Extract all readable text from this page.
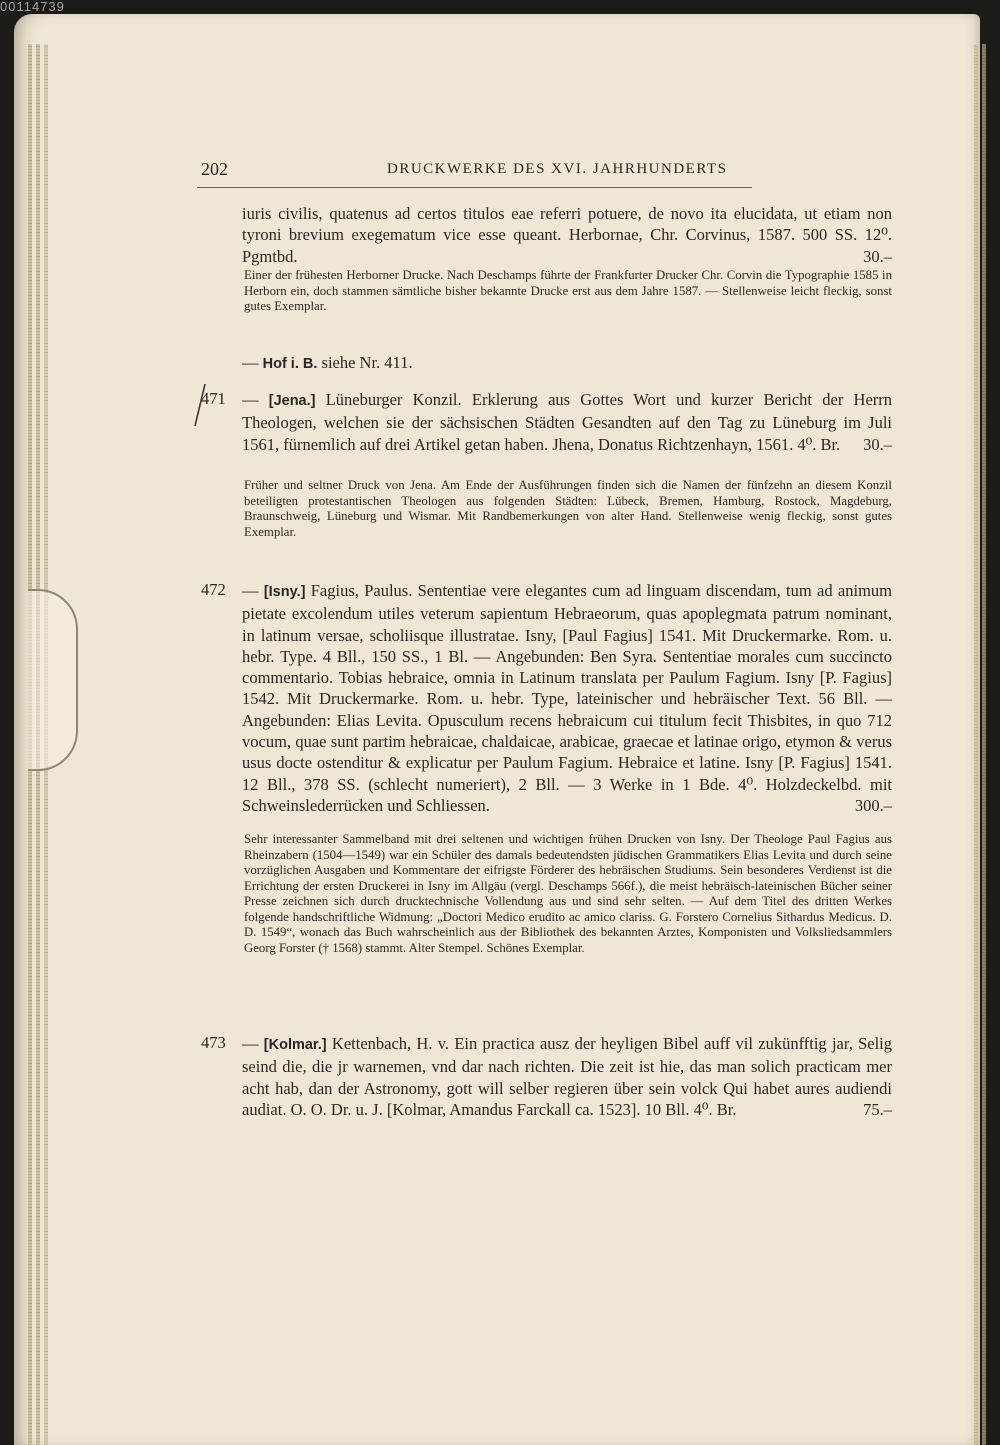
00114739
202	DRUCKWERKE DES XVI. JAHRHUNDERTS
iuris civilis, quatenus ad certos titulos eae referri potuere, de novo ita elucidata, ut etiam non tyroni brevium exegematum vice esse queant. Herbornae, Chr. Corvinus, 1587. 500 SS. 12⁰. Pgmtbd.	30.–
Einer der frühesten Herborner Drucke. Nach Deschamps führte der Frankfurter Drucker Chr. Corvin die Typographie 1585 in Herborn ein, doch stammen sämtliche bisher bekannte Drucke erst aus dem Jahre 1587. — Stellenweise leicht fleckig, sonst gutes Exemplar.
— Hof i. B. siehe Nr. 411.
471 — [Jena.] Lüneburger Konzil. Erklerung aus Gottes Wort und kurzer Bericht der Herrn Theologen, welchen sie der sächsischen Städten Gesandten auf den Tag zu Lüneburg im Juli 1561, fürnemlich auf drei Artikel getan haben. Jhena, Donatus Richtzenhayn, 1561. 4⁰. Br. 30.–
Früher und seltner Druck von Jena. Am Ende der Ausführungen finden sich die Namen der fünfzehn an diesem Konzil beteiligten protestantischen Theologen aus folgenden Städten: Lübeck, Bremen, Hamburg, Rostock, Magdeburg, Braunschweig, Lüneburg und Wismar. Mit Randbemerkungen von alter Hand. Stellenweise wenig fleckig, sonst gutes Exemplar.
472 — [Isny.] Fagius, Paulus. Sententiae vere elegantes cum ad linguam discendam, tum ad animum pietate excolendum utiles veterum sapientum Hebraeorum, quas apoplegmata patrum nominant, in latinum versae, scholiisque illustratae. Isny, [Paul Fagius] 1541. Mit Druckermarke. Rom. u. hebr. Type. 4 Bll., 150 SS., 1 Bl. — Angebunden: Ben Syra. Sententiae morales cum succincto commentario. Tobias hebraice, omnia in Latinum translata per Paulum Fagium. Isny [P. Fagius] 1542. Mit Druckermarke. Rom. u. hebr. Type, lateinischer und hebräischer Text. 56 Bll. — Angebunden: Elias Levita. Opusculum recens hebraicum cui titulum fecit Thisbites, in quo 712 vocum, quae sunt partim hebraicae, chaldaicae, arabicae, graecae et latinae origo, etymon & verus usus docte ostenditur & explicatur per Paulum Fagium. Hebraice et latine. Isny [P. Fagius] 1541. 12 Bll., 378 SS. (schlecht numeriert), 2 Bll. — 3 Werke in 1 Bde. 4⁰. Holzdeckelbd. mit Schweinslederrücken und Schliessen.	300.–
Sehr interessanter Sammelband mit drei seltenen und wichtigen frühen Drucken von Isny. Der Theologe Paul Fagius aus Rheinzabern (1504—1549) war ein Schüler des damals bedeutendsten jüdischen Grammatikers Elias Levita und durch seine vorzüglichen Ausgaben und Kommentare der eifrigste Förderer des hebräischen Studiums. Sein besonderes Verdienst ist die Errichtung der ersten Druckerei in Isny im Allgäu (vergl. Deschamps 566f.), die meist hebräisch-lateinischen Bücher seiner Presse zeichnen sich durch drucktechnische Vollendung aus und sind sehr selten. — Auf dem Titel des dritten Werkes folgende handschriftliche Widmung: „Doctori Medico erudito ac amico clariss. G. Forstero Cornelius Sithardus Medicus. D. D. 1549“, wonach das Buch wahrscheinlich aus der Bibliothek des bekannten Arztes, Komponisten und Volksliedsammlers Georg Forster († 1568) stammt. Alter Stempel. Schönes Exemplar.
473 — [Kolmar.] Kettenbach, H. v. Ein practica ausz der heyligen Bibel auff vil zukünfftig jar, Selig seind die, die jr warnemen, vnd dar nach richten. Die zeit ist hie, das man solich practicam mer acht hab, dan der Astronomy, gott will selber regieren über sein volck Qui habet aures audiendi audiat. O. O. Dr. u. J. [Kolmar, Amandus Farckall ca. 1523]. 10 Bll. 4⁰. Br.	75.–
